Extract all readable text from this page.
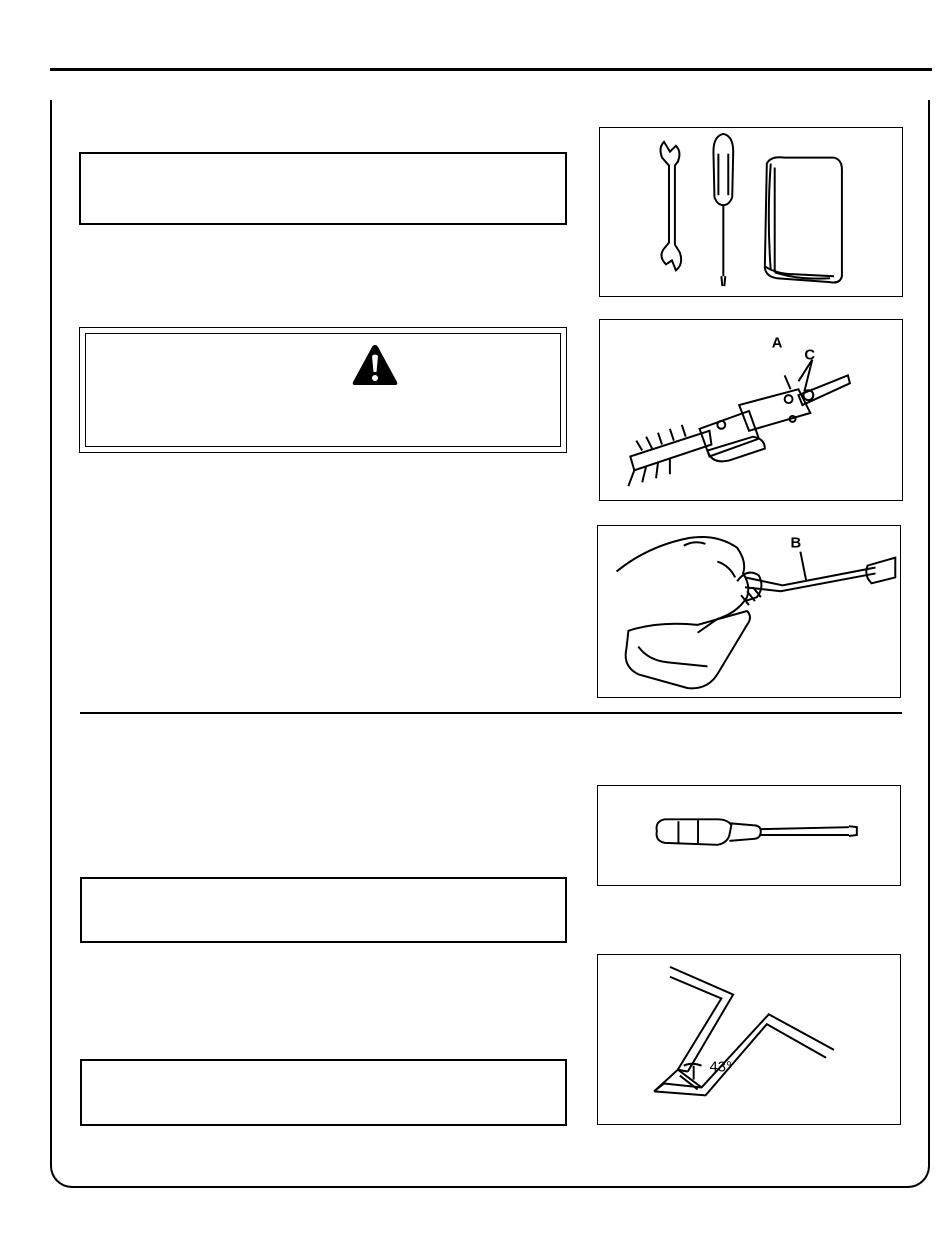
A
C
B
43°
